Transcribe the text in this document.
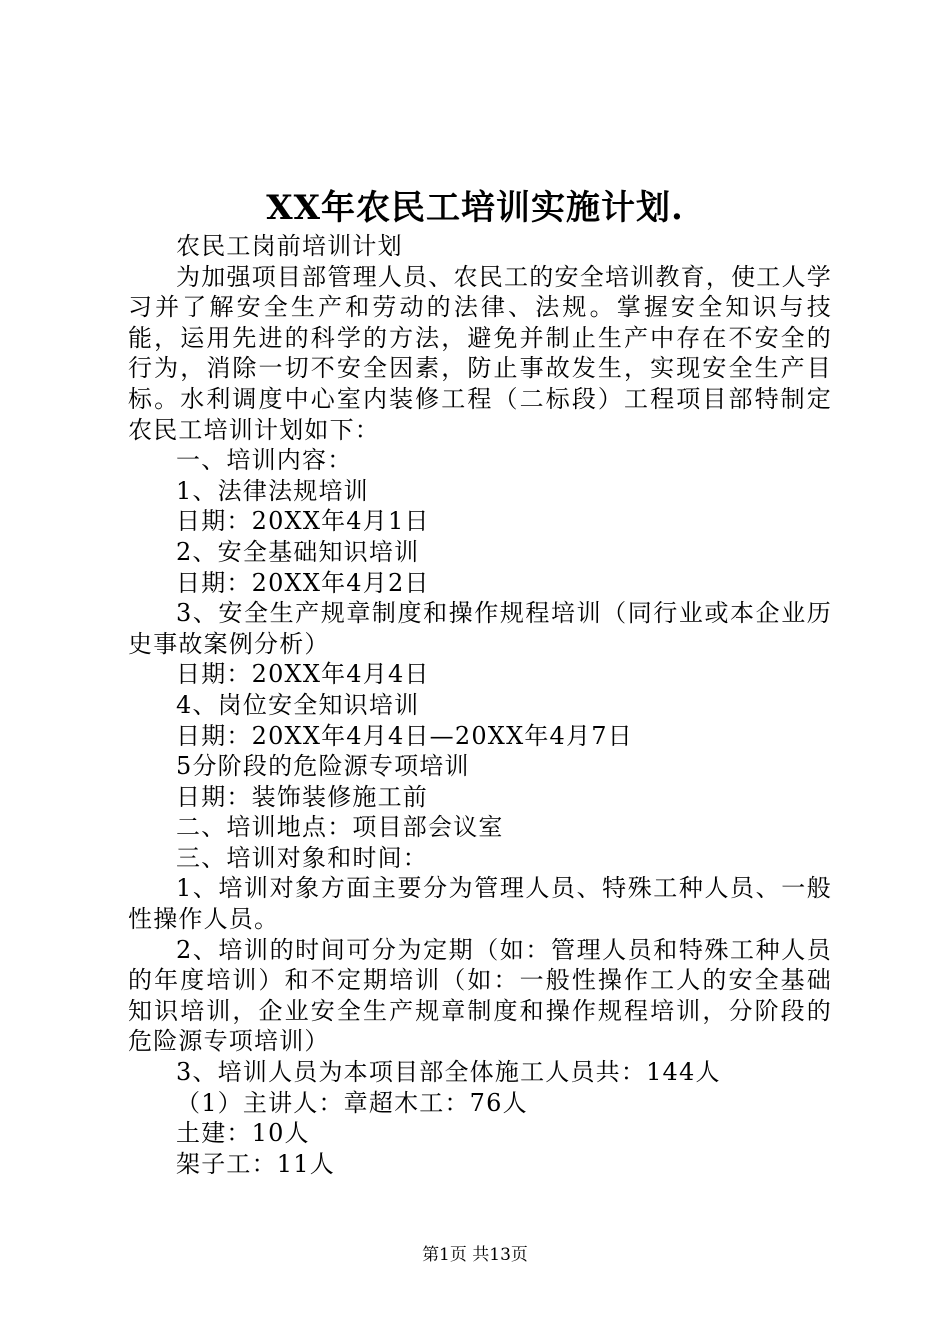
XX年农民工培训实施计划.

农民工岗前培训计划

为加强项目部管理人员、农民工的安全培训教育，使工人学习并了解安全生产和劳动的法律、法规。掌握安全知识与技能，运用先进的科学的方法，避免并制止生产中存在不安全的行为，消除一切不安全因素，防止事故发生，实现安全生产目标。水利调度中心室内装修工程（二标段）工程项目部特制定农民工培训计划如下：

一、培训内容：

1、法律法规培训

日期：20XX年4月1日

2、安全基础知识培训

日期：20XX年4月2日

3、安全生产规章制度和操作规程培训（同行业或本企业历史事故案例分析）

日期：20XX年4月4日

4、岗位安全知识培训

日期：20XX年4月4日—20XX年4月7日

5分阶段的危险源专项培训

日期：装饰装修施工前

二、培训地点：项目部会议室

三、培训对象和时间：

1、培训对象方面主要分为管理人员、特殊工种人员、一般性操作人员。

2、培训的时间可分为定期（如：管理人员和特殊工种人员的年度培训）和不定期培训（如：一般性操作工人的安全基础知识培训，企业安全生产规章制度和操作规程培训，分阶段的危险源专项培训）

3、培训人员为本项目部全体施工人员共：144人

（1）主讲人：章超木工：76人

土建：10人

架子工：11人

第1页 共13页
